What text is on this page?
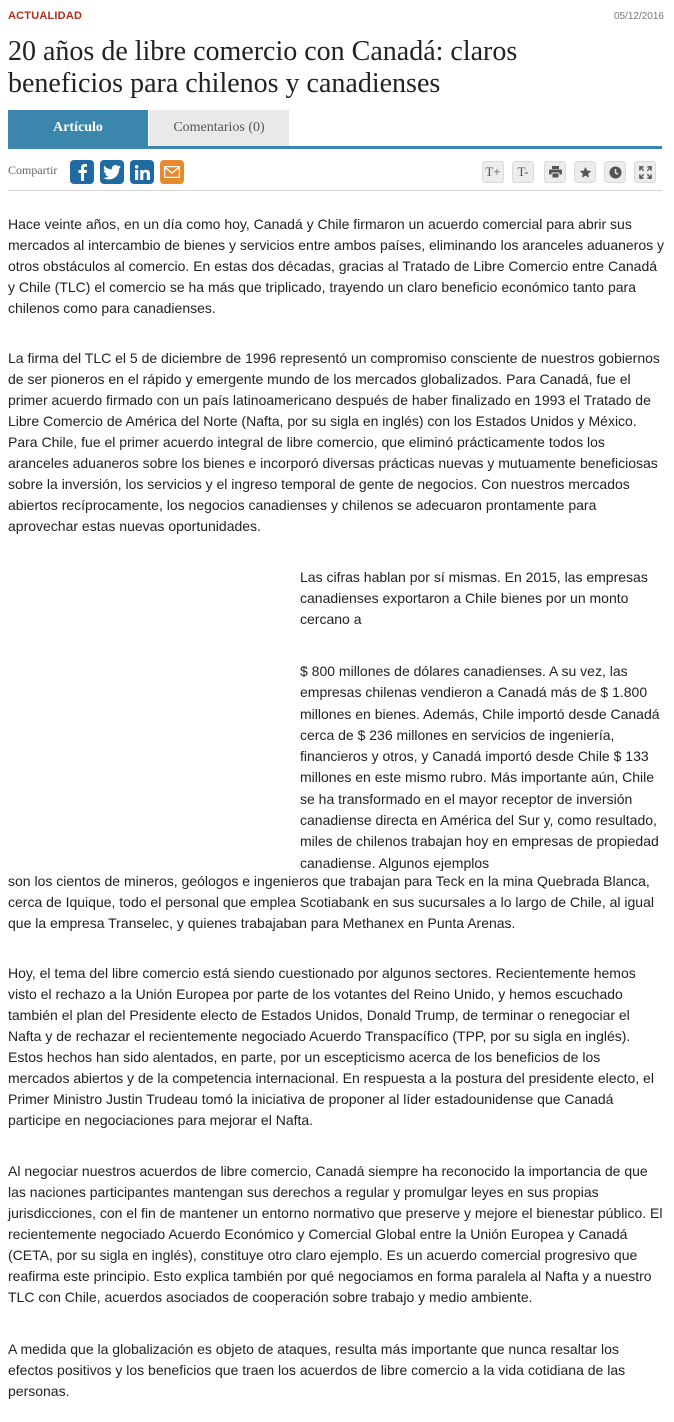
ACTUALIDAD	05/12/2016
20 años de libre comercio con Canadá: claros beneficios para chilenos y canadienses
Artículo	Comentarios (0)
Compartir	T+ T-

Hace veinte años, en un día como hoy, Canadá y Chile firmaron un acuerdo comercial para abrir sus mercados al intercambio de bienes y servicios entre ambos países, eliminando los aranceles aduaneros y otros obstáculos al comercio. En estas dos décadas, gracias al Tratado de Libre Comercio entre Canadá y Chile (TLC) el comercio se ha más que triplicado, trayendo un claro beneficio económico tanto para chilenos como para canadienses.

La firma del TLC el 5 de diciembre de 1996 representó un compromiso consciente de nuestros gobiernos de ser pioneros en el rápido y emergente mundo de los mercados globalizados. Para Canadá, fue el primer acuerdo firmado con un país latinoamericano después de haber finalizado en 1993 el Tratado de Libre Comercio de América del Norte (Nafta, por su sigla en inglés) con los Estados Unidos y México. Para Chile, fue el primer acuerdo integral de libre comercio, que eliminó prácticamente todos los aranceles aduaneros sobre los bienes e incorporó diversas prácticas nuevas y mutuamente beneficiosas sobre la inversión, los servicios y el ingreso temporal de gente de negocios. Con nuestros mercados abiertos recíprocamente, los negocios canadienses y chilenos se adecuaron prontamente para aprovechar estas nuevas oportunidades.

Las cifras hablan por sí mismas. En 2015, las empresas canadienses exportaron a Chile bienes por un monto cercano a

$ 800 millones de dólares canadienses. A su vez, las empresas chilenas vendieron a Canadá más de $ 1.800 millones en bienes. Además, Chile importó desde Canadá cerca de $ 236 millones en servicios de ingeniería, financieros y otros, y Canadá importó desde Chile $ 133 millones en este mismo rubro. Más importante aún, Chile se ha transformado en el mayor receptor de inversión canadiense directa en América del Sur y, como resultado, miles de chilenos trabajan hoy en empresas de propiedad canadiense. Algunos ejemplos

son los cientos de mineros, geólogos e ingenieros que trabajan para Teck en la mina Quebrada Blanca, cerca de Iquique, todo el personal que emplea Scotiabank en sus sucursales a lo largo de Chile, al igual que la empresa Transelec, y quienes trabajaban para Methanex en Punta Arenas.

Hoy, el tema del libre comercio está siendo cuestionado por algunos sectores. Recientemente hemos visto el rechazo a la Unión Europea por parte de los votantes del Reino Unido, y hemos escuchado también el plan del Presidente electo de Estados Unidos, Donald Trump, de terminar o renegociar el Nafta y de rechazar el recientemente negociado Acuerdo Transpacífico (TPP, por su sigla en inglés). Estos hechos han sido alentados, en parte, por un escepticismo acerca de los beneficios de los mercados abiertos y de la competencia internacional. En respuesta a la postura del presidente electo, el Primer Ministro Justin Trudeau tomó la iniciativa de proponer al líder estadounidense que Canadá participe en negociaciones para mejorar el Nafta.

Al negociar nuestros acuerdos de libre comercio, Canadá siempre ha reconocido la importancia de que las naciones participantes mantengan sus derechos a regular y promulgar leyes en sus propias jurisdicciones, con el fin de mantener un entorno normativo que preserve y mejore el bienestar público. El recientemente negociado Acuerdo Económico y Comercial Global entre la Unión Europea y Canadá (CETA, por su sigla en inglés), constituye otro claro ejemplo. Es un acuerdo comercial progresivo que reafirma este principio. Esto explica también por qué negociamos en forma paralela al Nafta y a nuestro TLC con Chile, acuerdos asociados de cooperación sobre trabajo y medio ambiente.

A medida que la globalización es objeto de ataques, resulta más importante que nunca resaltar los efectos positivos y los beneficios que traen los acuerdos de libre comercio a la vida cotidiana de las personas.
